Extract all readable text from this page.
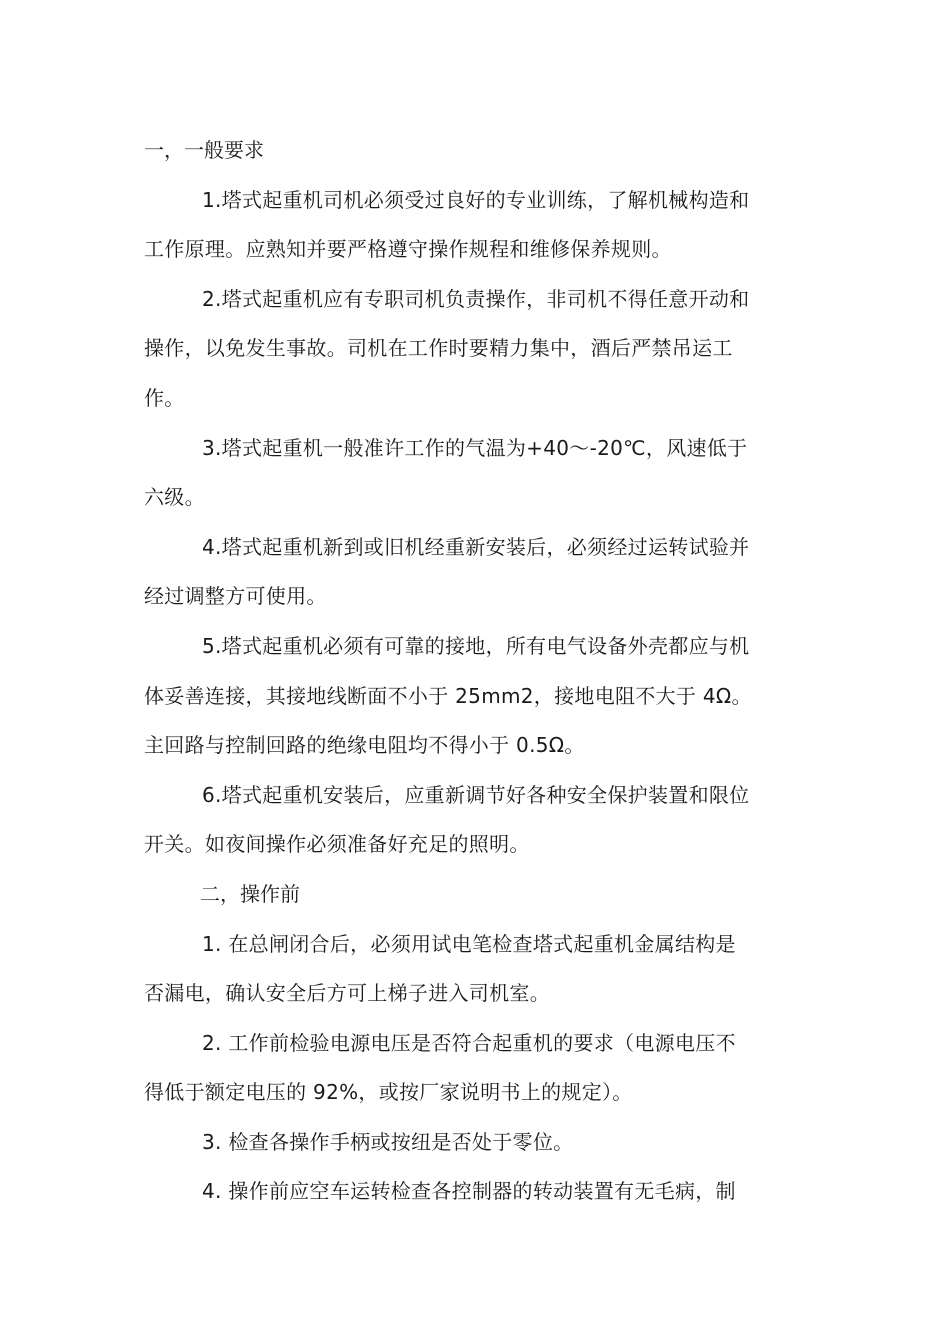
一，一般要求

1.塔式起重机司机必须受过良好的专业训练，了解机械构造和
工作原理。应熟知并要严格遵守操作规程和维修保养规则。

2.塔式起重机应有专职司机负责操作，非司机不得任意开动和
操作，以免发生事故。司机在工作时要精力集中，酒后严禁吊运工
作。

3.塔式起重机一般准许工作的气温为+40～-20℃，风速低于
六级。

4.塔式起重机新到或旧机经重新安装后，必须经过运转试验并
经过调整方可使用。

5.塔式起重机必须有可靠的接地，所有电气设备外壳都应与机
体妥善连接，其接地线断面不小于 25mm2，接地电阻不大于 4Ω。
主回路与控制回路的绝缘电阻均不得小于 0.5Ω。

6.塔式起重机安装后，应重新调节好各种安全保护装置和限位
开关。如夜间操作必须准备好充足的照明。

二，操作前

1. 在总闸闭合后，必须用试电笔检查塔式起重机金属结构是
否漏电，确认安全后方可上梯子进入司机室。

2. 工作前检验电源电压是否符合起重机的要求（电源电压不
得低于额定电压的 92%，或按厂家说明书上的规定）。

3. 检查各操作手柄或按纽是否处于零位。

4. 操作前应空车运转检查各控制器的转动装置有无毛病，制
